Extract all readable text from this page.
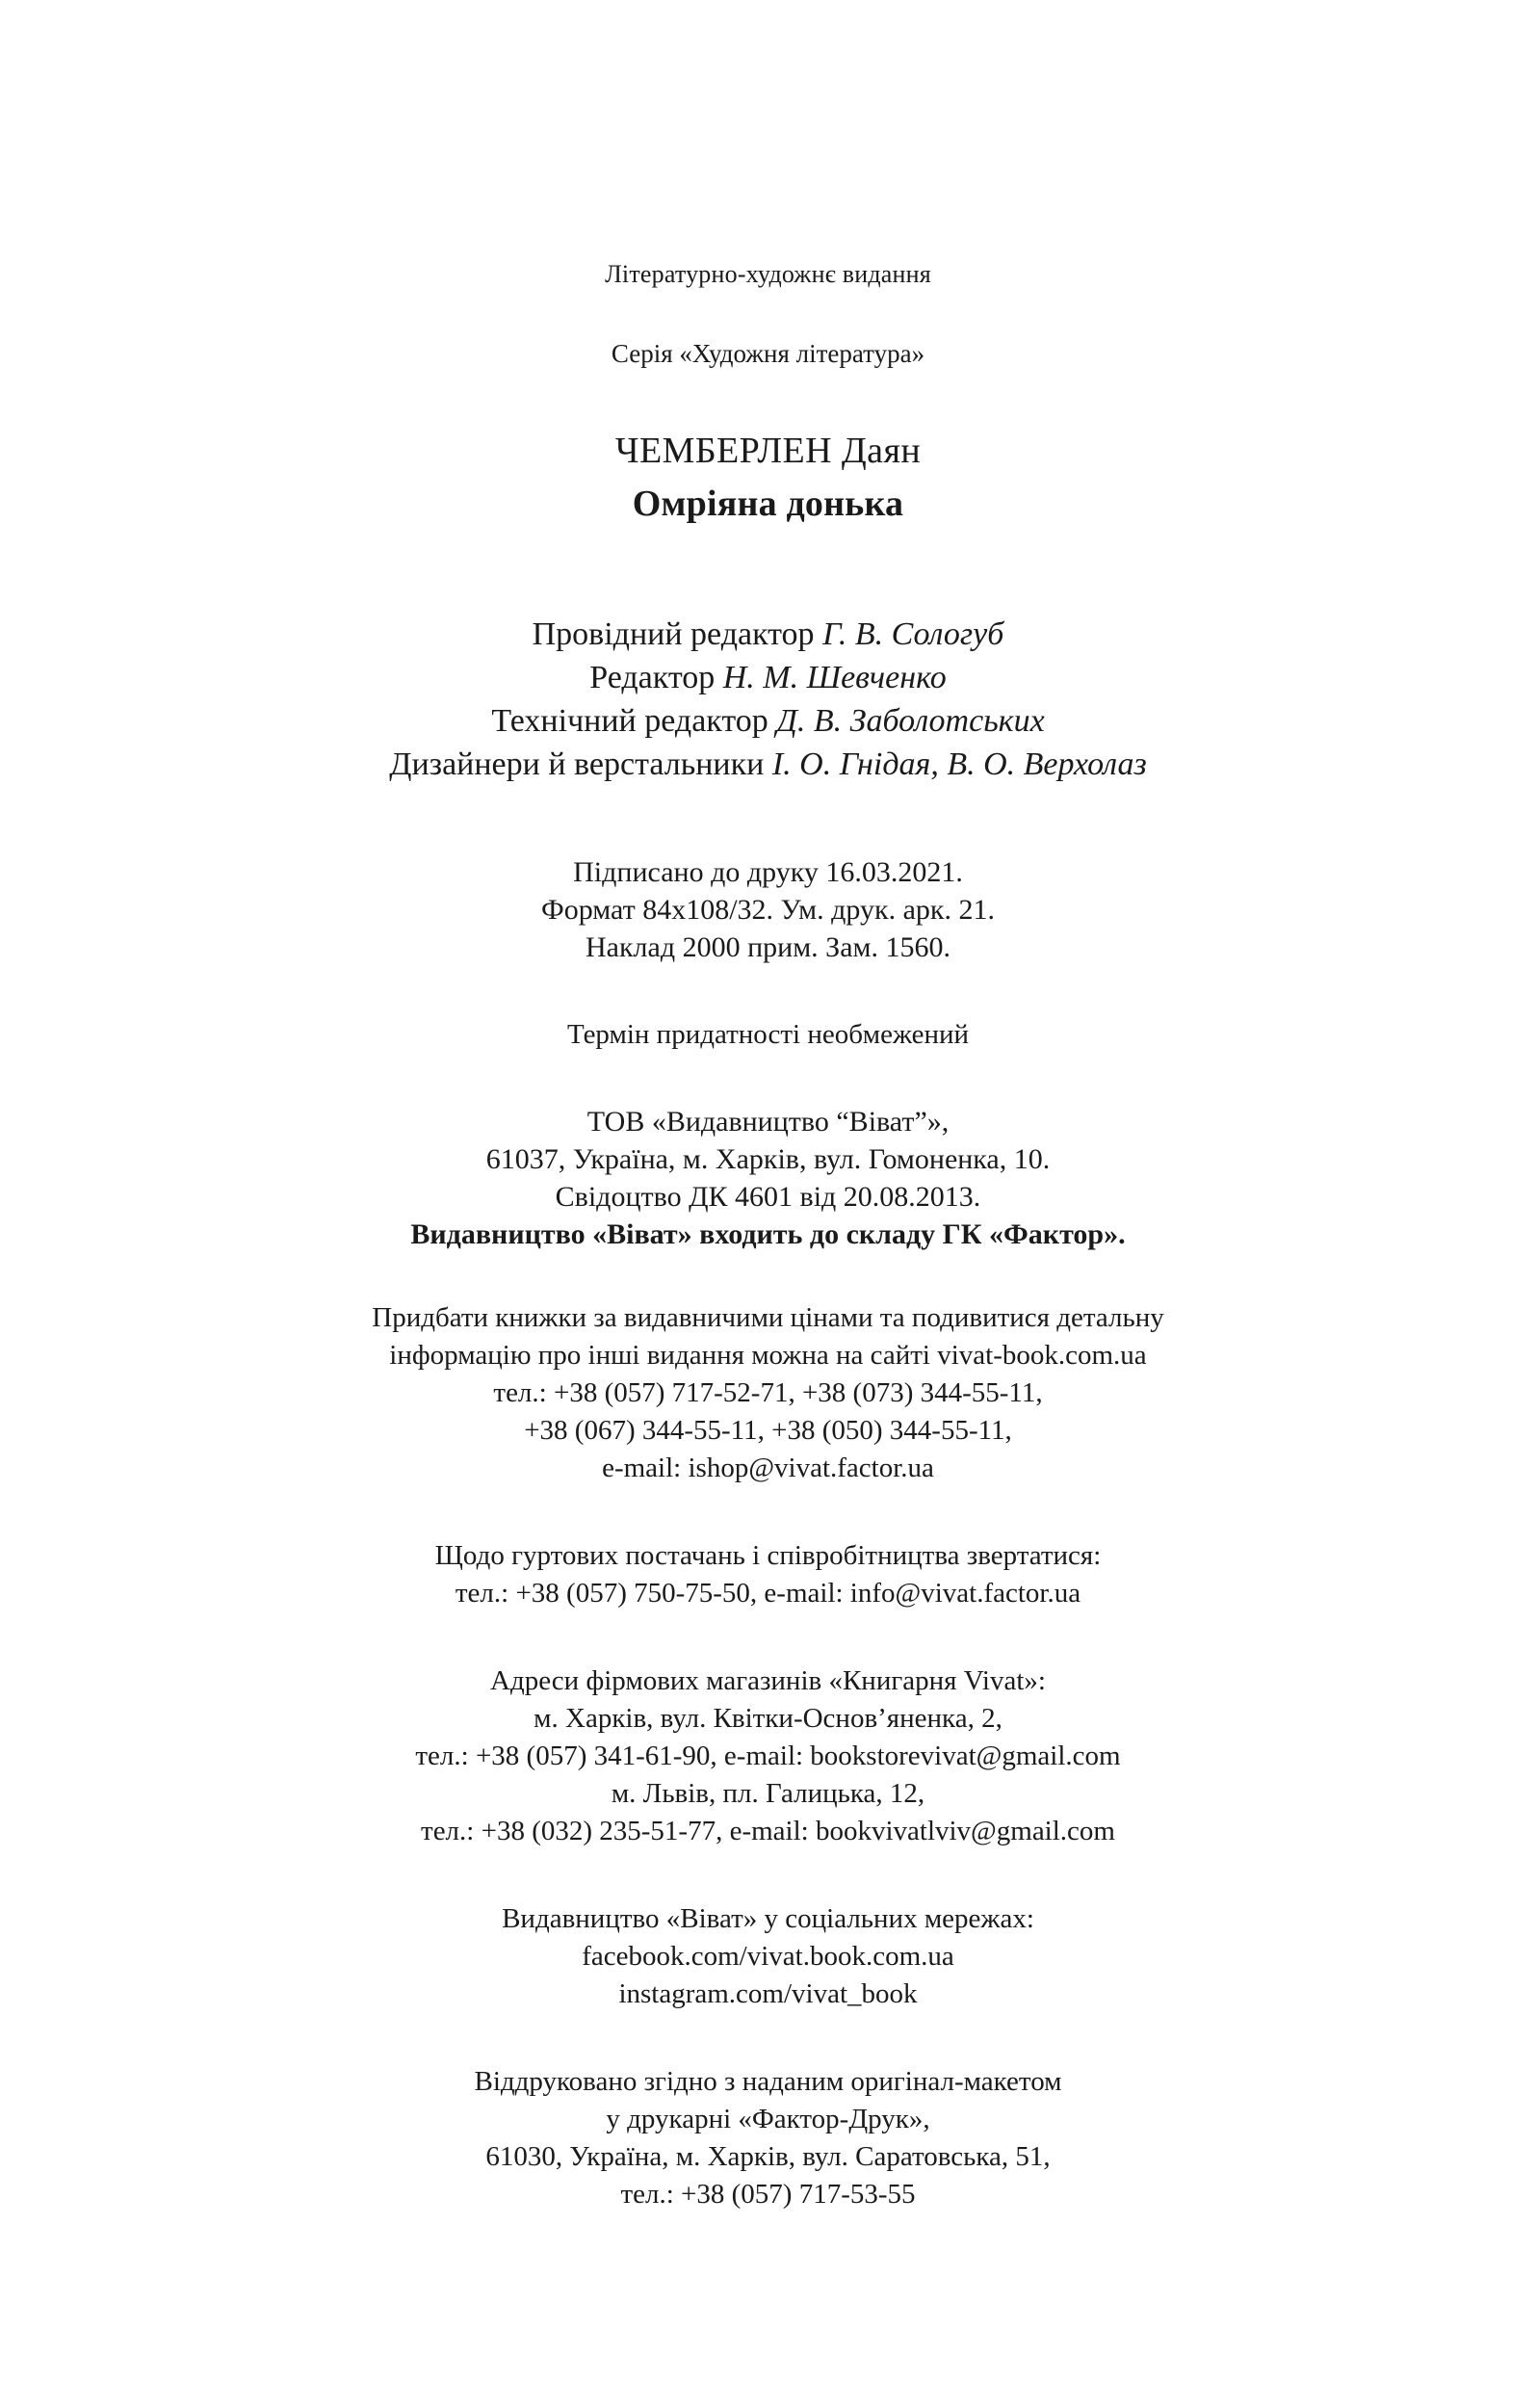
Літературно-художнє видання
Серія «Художня література»
ЧЕМБЕРЛЕН Даян
Омріяна донька
Провідний редактор Г. В. Сологуб
Редактор Н. М. Шевченко
Технічний редактор Д. В. Заболотських
Дизайнери й верстальники І. О. Гнідая, В. О. Верхолаз
Підписано до друку 16.03.2021.
Формат 84х108/32. Ум. друк. арк. 21.
Наклад 2000 прим. Зам. 1560.
Термін придатності необмежений
ТОВ «Видавництво “Віват”»,
61037, Україна, м. Харків, вул. Гомоненка, 10.
Свідоцтво ДК 4601 від 20.08.2013.
Видавництво «Віват» входить до складу ГК «Фактор».
Придбати книжки за видавничими цінами та подивитися детальну
інформацію про інші видання можна на сайті vivat-book.com.ua
тел.: +38 (057) 717-52-71, +38 (073) 344-55-11,
+38 (067) 344-55-11, +38 (050) 344-55-11,
e-mail: ishop@vivat.factor.ua
Щодо гуртових постачань і співробітництва звертатися:
тел.: +38 (057) 750-75-50, e-mail: info@vivat.factor.ua
Адреси фірмових магазинів «Книгарня Vivat»:
м. Харків, вул. Квітки-Основ’яненка, 2,
тел.: +38 (057) 341-61-90, e-mail: bookstorevivat@gmail.com
м. Львів, пл. Галицька, 12,
тел.: +38 (032) 235-51-77, e-mail: bookvivatlviv@gmail.com
Видавництво «Віват» у соціальних мережах:
facebook.com/vivat.book.com.ua
instagram.com/vivat_book
Віддруковано згідно з наданим оригінал-макетом
у друкарні «Фактор-Друк»,
61030, Україна, м. Харків, вул. Саратовська, 51,
тел.: +38 (057) 717-53-55
